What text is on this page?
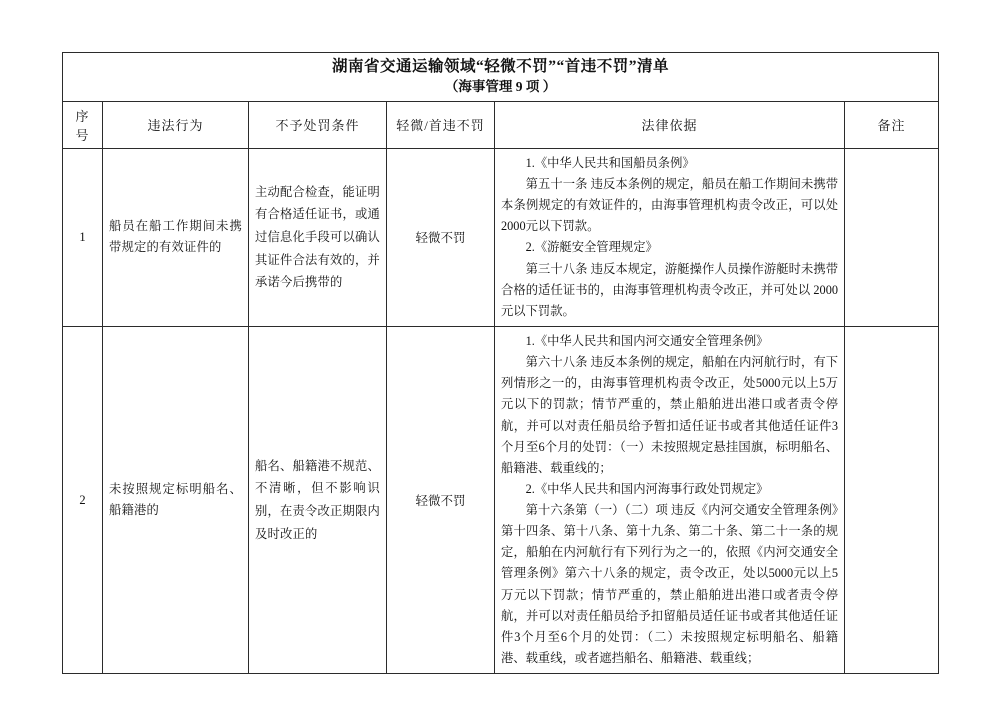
湖南省交通运输领域“轻微不罚”“首违不罚”清单
（海事管理 9 项 ）					

序号	违法行为	不予处罚条件	轻微/首违不罚	法律依据	备注
1	船员在船工作期间未携带规定的有效证件的	主动配合检查，能证明有合格适任证书，或通过信息化手段可以确认其证件合法有效的，并承诺今后携带的	轻微不罚	1.《中华人民共和国船员条例》

第五十一条 违反本条例的规定，船员在船工作期间未携带本条例规定的有效证件的，由海事管理机构责令改正，可以处2000元以下罚款。

2.《游艇安全管理规定》

第三十八条 违反本规定，游艇操作人员操作游艇时未携带合格的适任证书的，由海事管理机构责令改正，并可处以 2000 元以下罚款。	

2	未按照规定标明船名、船籍港的	船名、船籍港不规范、不清晰，但不影响识别，在责令改正期限内及时改正的	轻微不罚	1.《中华人民共和国内河交通安全管理条例》

第六十八条 违反本条例的规定，船舶在内河航行时，有下列情形之一的，由海事管理机构责令改正，处5000元以上5万元以下的罚款；情节严重的，禁止船舶进出港口或者责令停航，并可以对责任船员给予暂扣适任证书或者其他适任证件3个月至6个月的处罚：（一）未按照规定悬挂国旗，标明船名、船籍港、载重线的；

2.《中华人民共和国内河海事行政处罚规定》

第十六条第（一）（二）项 违反《内河交通安全管理条例》第十四条、第十八条、第十九条、第二十条、第二十一条的规定，船舶在内河航行有下列行为之一的，依照《内河交通安全管理条例》第六十八条的规定，责令改正，处以5000元以上5万元以下罚款；情节严重的，禁止船舶进出港口或者责令停航，并可以对责任船员给予扣留船员适任证书或者其他适任证件3个月至6个月的处罚：（二）未按照规定标明船名、船籍港、载重线，或者遮挡船名、船籍港、载重线；	
